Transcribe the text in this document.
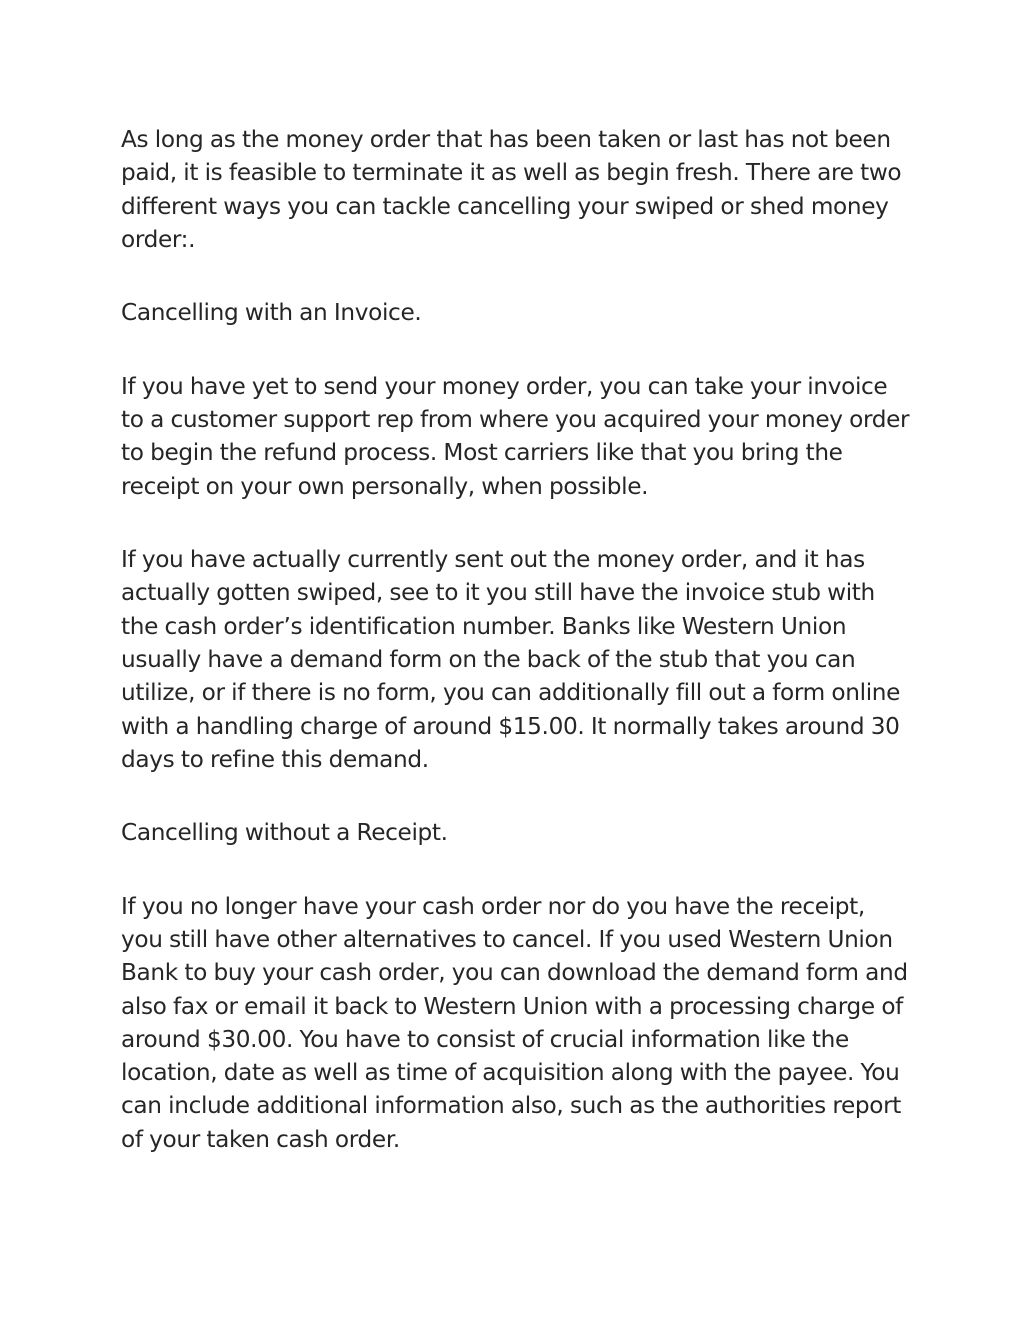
As long as the money order that has been taken or last has not been paid, it is feasible to terminate it as well as begin fresh. There are two different ways you can tackle cancelling your swiped or shed money order:.

Cancelling with an Invoice.

If you have yet to send your money order, you can take your invoice to a customer support rep from where you acquired your money order to begin the refund process. Most carriers like that you bring the receipt on your own personally, when possible.

If you have actually currently sent out the money order, and it has actually gotten swiped, see to it you still have the invoice stub with the cash order’s identification number. Banks like Western Union usually have a demand form on the back of the stub that you can utilize, or if there is no form, you can additionally fill out a form online with a handling charge of around $15.00. It normally takes around 30 days to refine this demand.

Cancelling without a Receipt.

If you no longer have your cash order nor do you have the receipt, you still have other alternatives to cancel. If you used Western Union Bank to buy your cash order, you can download the demand form and also fax or email it back to Western Union with a processing charge of around $30.00. You have to consist of crucial information like the location, date as well as time of acquisition along with the payee. You can include additional information also, such as the authorities report of your taken cash order.
